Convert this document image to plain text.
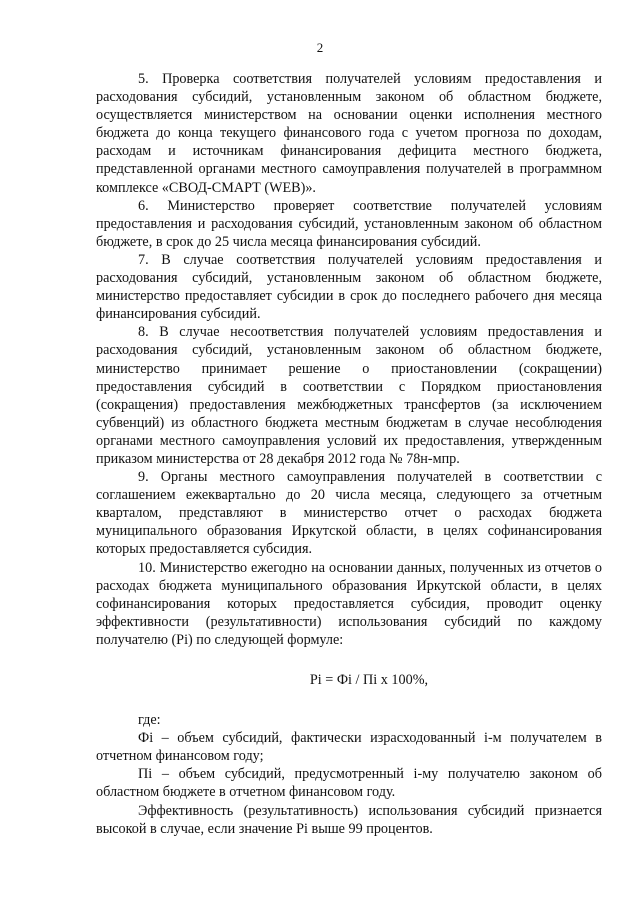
2

5. Проверка соответствия получателей условиям предоставления и расходования субсидий, установленным законом об областном бюджете, осуществляется министерством на основании оценки исполнения местного бюджета до конца текущего финансового года с учетом прогноза по доходам, расходам и источникам финансирования дефицита местного бюджета, представленной органами местного самоуправления получателей в программном комплексе «СВОД-СМАРТ (WEB)».

6. Министерство проверяет соответствие получателей условиям предоставления и расходования субсидий, установленным законом об областном бюджете, в срок до 25 числа месяца финансирования субсидий.

7. В случае соответствия получателей условиям предоставления и расходования субсидий, установленным законом об областном бюджете, министерство предоставляет субсидии в срок до последнего рабочего дня месяца финансирования субсидий.

8. В случае несоответствия получателей условиям предоставления и расходования субсидий, установленным законом об областном бюджете, министерство принимает решение о приостановлении (сокращении) предоставления субсидий в соответствии с Порядком приостановления (сокращения) предоставления межбюджетных трансфертов (за исключением субвенций) из областного бюджета местным бюджетам в случае несоблюдения органами местного самоуправления условий их предоставления, утвержденным приказом министерства от 28 декабря 2012 года № 78н-мпр.

9. Органы местного самоуправления получателей в соответствии с соглашением ежеквартально до 20 числа месяца, следующего за отчетным кварталом, представляют в министерство отчет о расходах бюджета муниципального образования Иркутской области, в целях софинансирования которых предоставляется субсидия.

10. Министерство ежегодно на основании данных, полученных из отчетов о расходах бюджета муниципального образования Иркутской области, в целях софинансирования которых предоставляется субсидия, проводит оценку эффективности (результативности) использования субсидий по каждому получателю (Pi) по следующей формуле:

Pi = Фi / Пi x 100%,

где:

Фi – объем субсидий, фактически израсходованный i-м получателем в отчетном финансовом году;

Пi – объем субсидий, предусмотренный i-му получателю законом об областном бюджете в отчетном финансовом году.

Эффективность (результативность) использования субсидий признается высокой в случае, если значение Pi выше 99 процентов.
